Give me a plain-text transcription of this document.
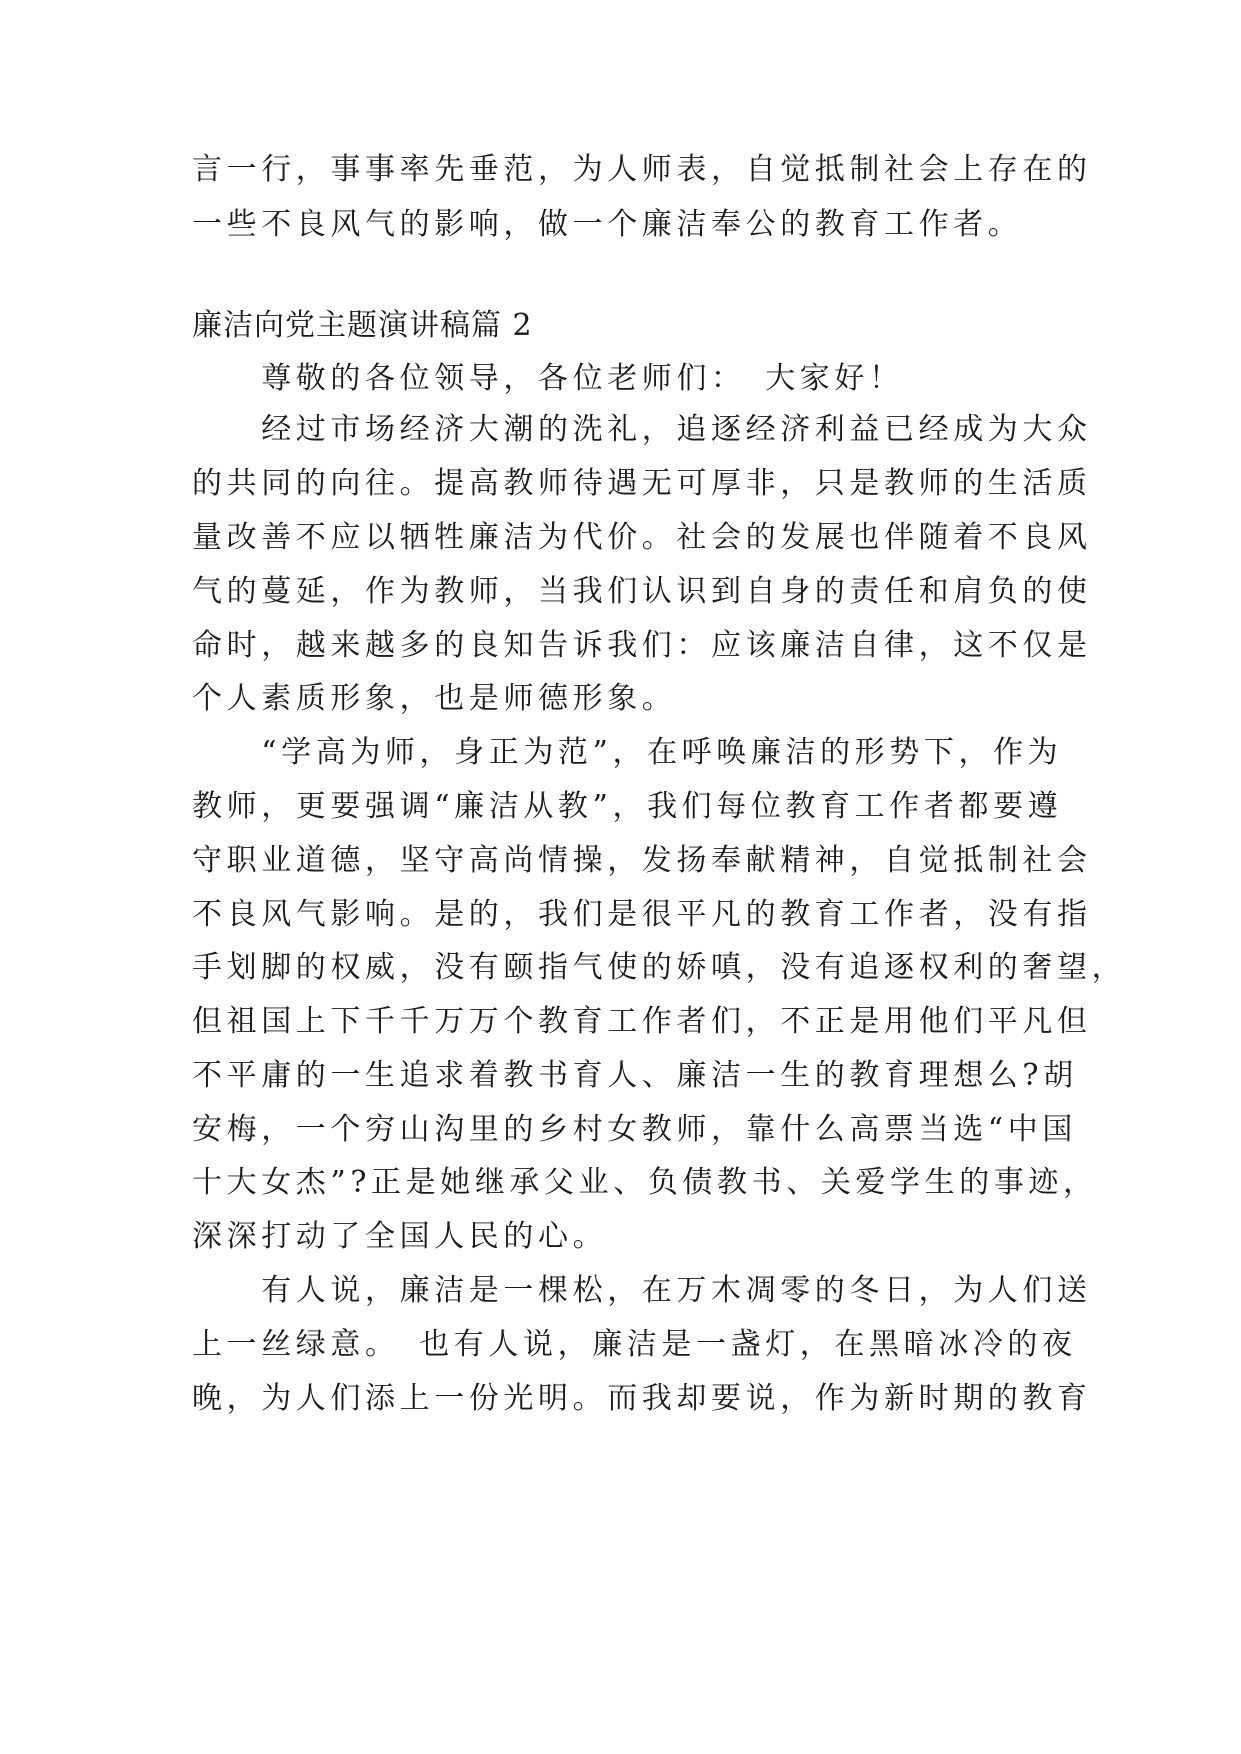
言一行，事事率先垂范，为人师表，自觉抵制社会上存在的
一些不良风气的影响，做一个廉洁奉公的教育工作者。
廉洁向党主题演讲稿篇 2
　　尊敬的各位领导，各位老师们：　大家好！
　　经过市场经济大潮的洗礼，追逐经济利益已经成为大众
的共同的向往。提高教师待遇无可厚非，只是教师的生活质
量改善不应以牺牲廉洁为代价。社会的发展也伴随着不良风
气的蔓延，作为教师，当我们认识到自身的责任和肩负的使
命时，越来越多的良知告诉我们：应该廉洁自律，这不仅是
个人素质形象，也是师德形象。
　　“学高为师，身正为范”，在呼唤廉洁的形势下，作为
教师，更要强调“廉洁从教”，我们每位教育工作者都要遵
守职业道德，坚守高尚情操，发扬奉献精神，自觉抵制社会
不良风气影响。是的，我们是很平凡的教育工作者，没有指
手划脚的权威，没有颐指气使的娇嗔，没有追逐权利的奢望，
但祖国上下千千万万个教育工作者们，不正是用他们平凡但
不平庸的一生追求着教书育人、廉洁一生的教育理想么?胡
安梅，一个穷山沟里的乡村女教师，靠什么高票当选“中国
十大女杰”?正是她继承父业、负债教书、关爱学生的事迹，
深深打动了全国人民的心。
　　有人说，廉洁是一棵松，在万木凋零的冬日，为人们送
上一丝绿意。　也有人说，廉洁是一盏灯，在黑暗冰冷的夜
晚，为人们添上一份光明。而我却要说，作为新时期的教育
